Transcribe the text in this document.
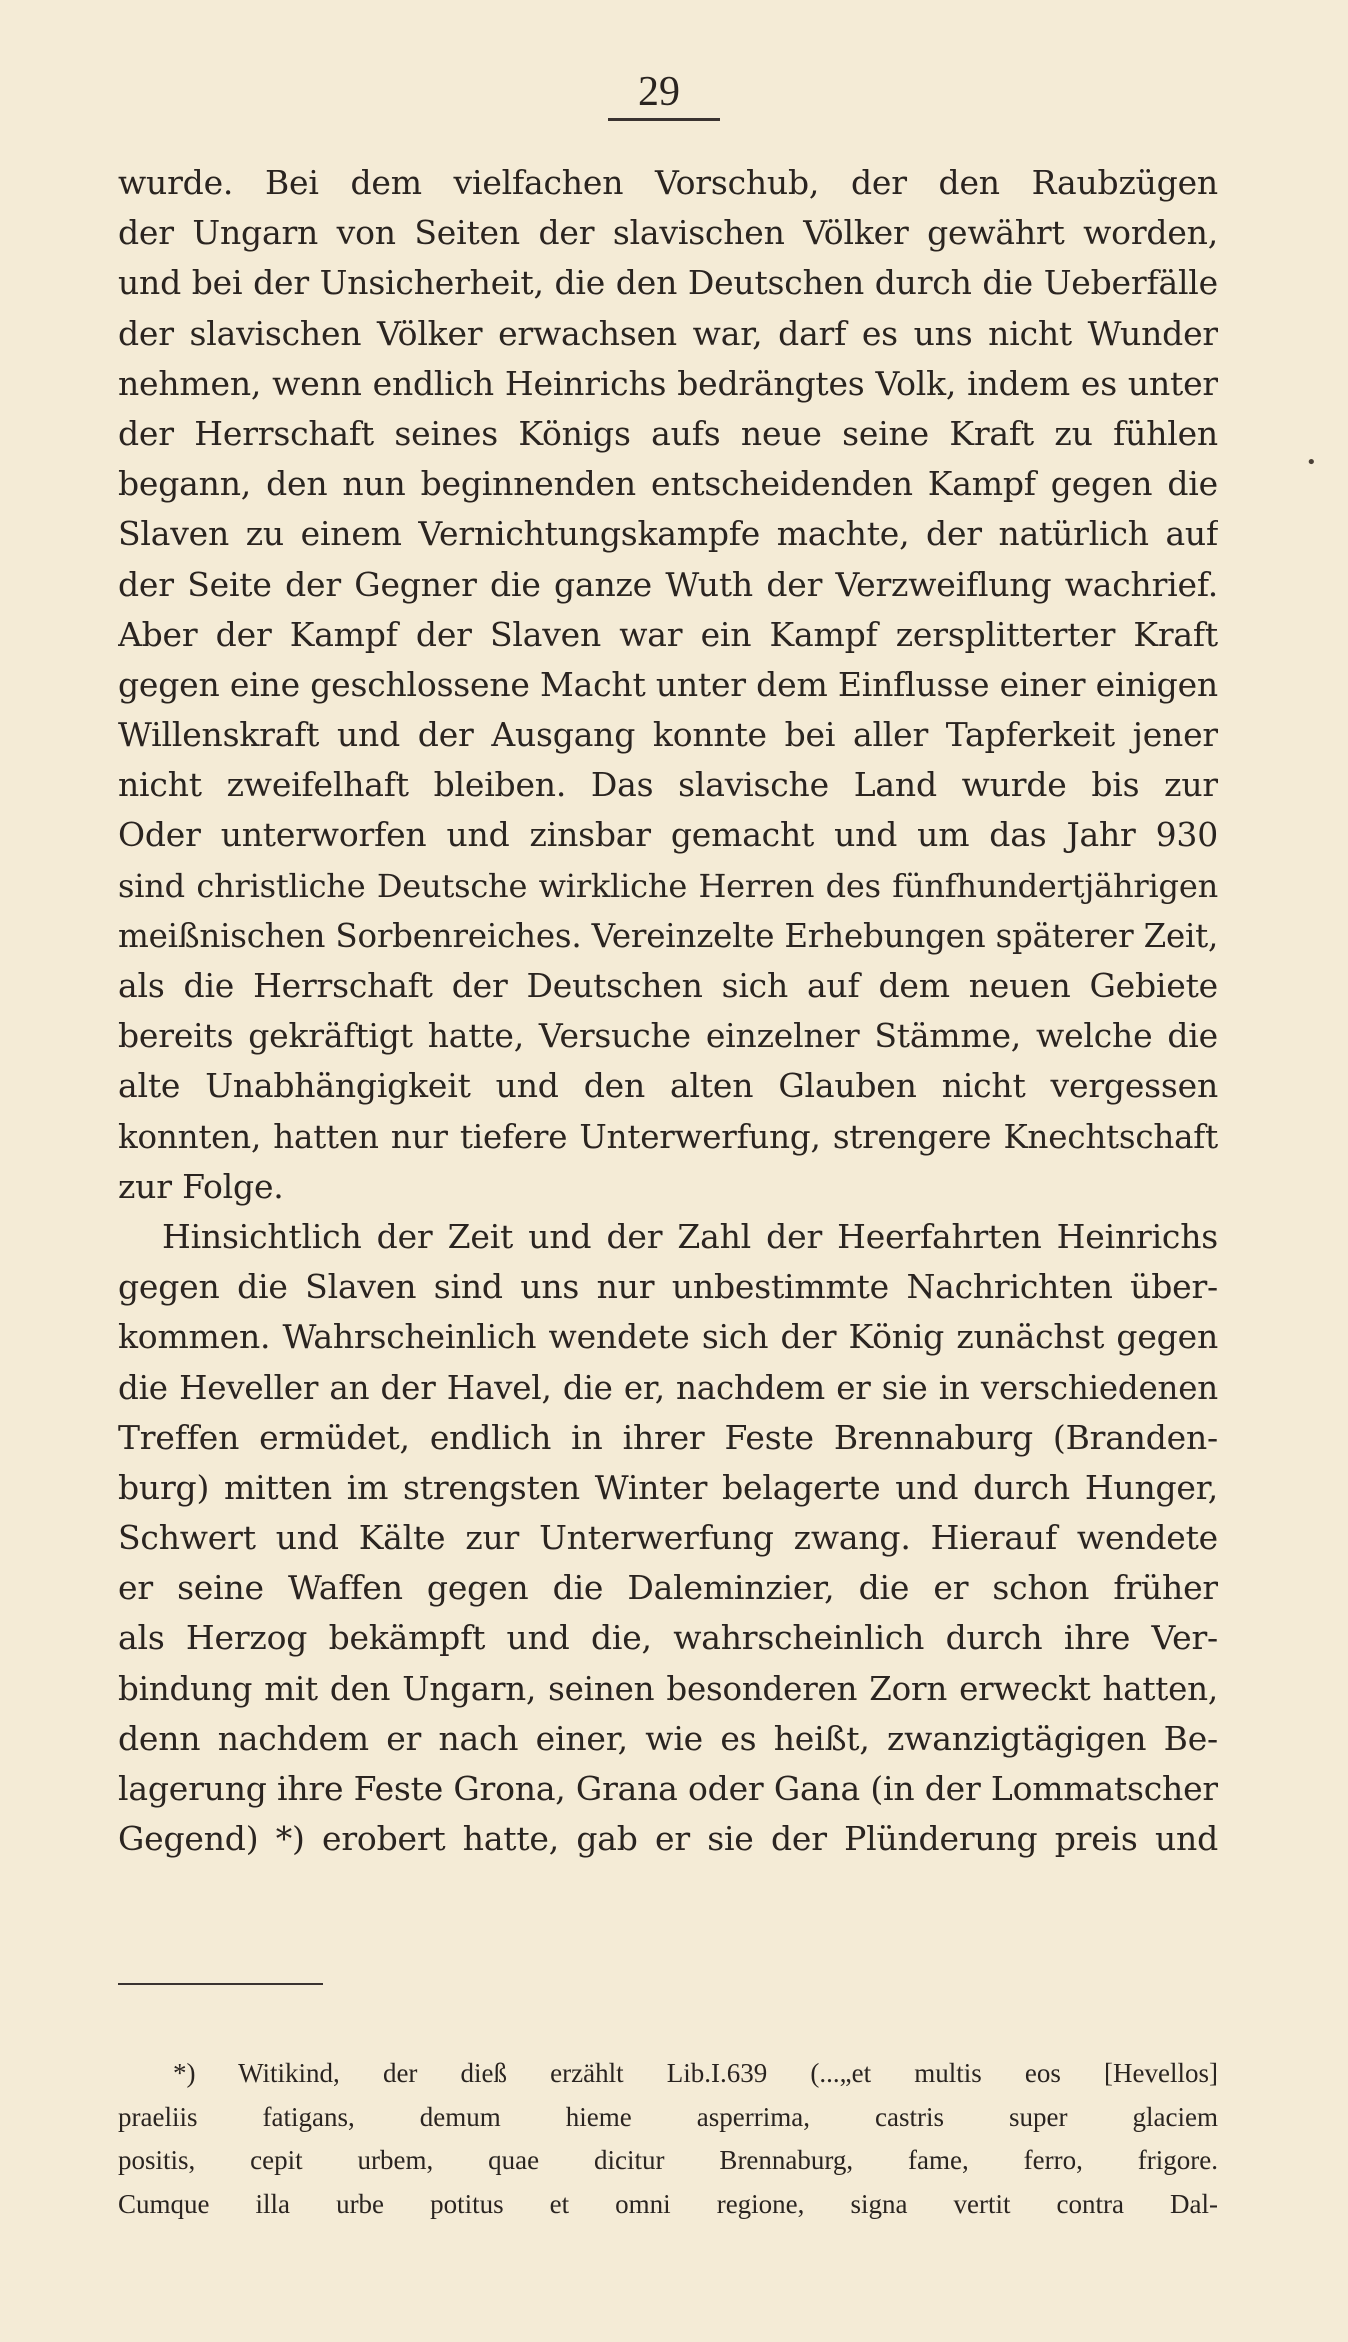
29
•
wurde. Bei dem vielfachen Vorschub, der den Raubzügen
der Ungarn von Seiten der slavischen Völker gewährt worden,
und bei der Unsicherheit, die den Deutschen durch die Ueberfälle
der slavischen Völker erwachsen war, darf es uns nicht Wunder
nehmen, wenn endlich Heinrichs bedrängtes Volk, indem es unter
der Herrschaft seines Königs aufs neue seine Kraft zu fühlen
begann, den nun beginnenden entscheidenden Kampf gegen die
Slaven zu einem Vernichtungskampfe machte, der natürlich auf
der Seite der Gegner die ganze Wuth der Verzweiflung wachrief.
Aber der Kampf der Slaven war ein Kampf zersplitterter Kraft
gegen eine geschlossene Macht unter dem Einflusse einer einigen
Willenskraft und der Ausgang konnte bei aller Tapferkeit jener
nicht zweifelhaft bleiben. Das slavische Land wurde bis zur
Oder unterworfen und zinsbar gemacht und um das Jahr 930
sind christliche Deutsche wirkliche Herren des fünfhundertjährigen
meißnischen Sorbenreiches. Vereinzelte Erhebungen späterer Zeit,
als die Herrschaft der Deutschen sich auf dem neuen Gebiete
bereits gekräftigt hatte, Versuche einzelner Stämme, welche die
alte Unabhängigkeit und den alten Glauben nicht vergessen
konnten, hatten nur tiefere Unterwerfung, strengere Knechtschaft
zur Folge.
Hinsichtlich der Zeit und der Zahl der Heerfahrten Heinrichs
gegen die Slaven sind uns nur unbestimmte Nachrichten über-
kommen. Wahrscheinlich wendete sich der König zunächst gegen
die Heveller an der Havel, die er, nachdem er sie in verschiedenen
Treffen ermüdet, endlich in ihrer Feste Brennaburg (Branden-
burg) mitten im strengsten Winter belagerte und durch Hunger,
Schwert und Kälte zur Unterwerfung zwang. Hierauf wendete
er seine Waffen gegen die Daleminzier, die er schon früher
als Herzog bekämpft und die, wahrscheinlich durch ihre Ver-
bindung mit den Ungarn, seinen besonderen Zorn erweckt hatten,
denn nachdem er nach einer, wie es heißt, zwanzigtägigen Be-
lagerung ihre Feste Grona, Grana oder Gana (in der Lommatscher
Gegend) *) erobert hatte, gab er sie der Plünderung preis und
*) Witikind, der dieß erzählt Lib.I.639 (...„et multis eos [Hevellos]
praeliis fatigans, demum hieme asperrima, castris super glaciem
positis, cepit urbem, quae dicitur Brennaburg, fame, ferro, frigore.
Cumque illa urbe potitus et omni regione, signa vertit contra Dal-
